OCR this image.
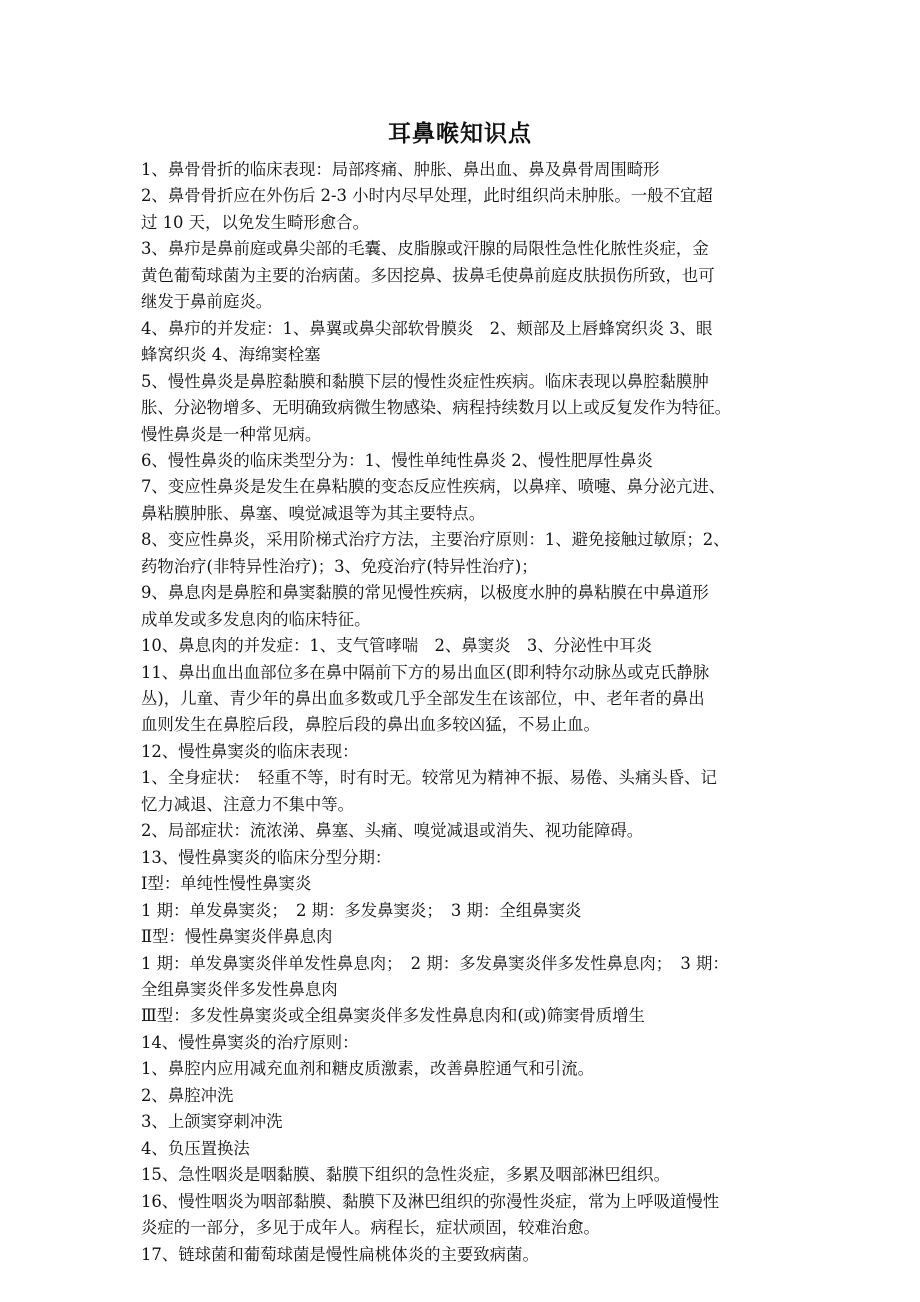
耳鼻喉知识点
1、鼻骨骨折的临床表现：局部疼痛、肿胀、鼻出血、鼻及鼻骨周围畸形
2、鼻骨骨折应在外伤后 2-3 小时内尽早处理，此时组织尚未肿胀。一般不宜超
过 10 天，以免发生畸形愈合。
3、鼻疖是鼻前庭或鼻尖部的毛囊、皮脂腺或汗腺的局限性急性化脓性炎症，金
黄色葡萄球菌为主要的治病菌。多因挖鼻、拔鼻毛使鼻前庭皮肤损伤所致，也可
继发于鼻前庭炎。
4、鼻疖的并发症：1、鼻翼或鼻尖部软骨膜炎　2、颊部及上唇蜂窝织炎 3、眼
蜂窝织炎 4、海绵窦栓塞
5、慢性鼻炎是鼻腔黏膜和黏膜下层的慢性炎症性疾病。临床表现以鼻腔黏膜肿
胀、分泌物增多、无明确致病微生物感染、病程持续数月以上或反复发作为特征。
慢性鼻炎是一种常见病。
6、慢性鼻炎的临床类型分为：1、慢性单纯性鼻炎 2、慢性肥厚性鼻炎
7、变应性鼻炎是发生在鼻粘膜的变态反应性疾病，以鼻痒、喷嚏、鼻分泌亢进、
鼻粘膜肿胀、鼻塞、嗅觉减退等为其主要特点。
8、变应性鼻炎，采用阶梯式治疗方法，主要治疗原则：1、避免接触过敏原；2、
药物治疗(非特异性治疗)；3、免疫治疗(特异性治疗)；
9、鼻息肉是鼻腔和鼻窦黏膜的常见慢性疾病，以极度水肿的鼻粘膜在中鼻道形
成单发或多发息肉的临床特征。
10、鼻息肉的并发症：1、支气管哮喘　2、鼻窦炎　3、分泌性中耳炎
11、鼻出血出血部位多在鼻中隔前下方的易出血区(即利特尔动脉丛或克氏静脉
丛)，儿童、青少年的鼻出血多数或几乎全部发生在该部位，中、老年者的鼻出
血则发生在鼻腔后段，鼻腔后段的鼻出血多较凶猛，不易止血。
12、慢性鼻窦炎的临床表现：
1、全身症状：　轻重不等，时有时无。较常见为精神不振、易倦、头痛头昏、记
忆力减退、注意力不集中等。
2、局部症状：流浓涕、鼻塞、头痛、嗅觉减退或消失、视功能障碍。
13、慢性鼻窦炎的临床分型分期：
Ⅰ型：单纯性慢性鼻窦炎
1 期：单发鼻窦炎；　2 期：多发鼻窦炎；　3 期：全组鼻窦炎
Ⅱ型：慢性鼻窦炎伴鼻息肉
1 期：单发鼻窦炎伴单发性鼻息肉；　2 期：多发鼻窦炎伴多发性鼻息肉；　3 期：
全组鼻窦炎伴多发性鼻息肉
Ⅲ型：多发性鼻窦炎或全组鼻窦炎伴多发性鼻息肉和(或)筛窦骨质增生
14、慢性鼻窦炎的治疗原则：
1、鼻腔内应用减充血剂和糖皮质激素，改善鼻腔通气和引流。
2、鼻腔冲洗
3、上颌窦穿刺冲洗
4、负压置换法
15、急性咽炎是咽黏膜、黏膜下组织的急性炎症，多累及咽部淋巴组织。
16、慢性咽炎为咽部黏膜、黏膜下及淋巴组织的弥漫性炎症，常为上呼吸道慢性
炎症的一部分，多见于成年人。病程长，症状顽固，较难治愈。
17、链球菌和葡萄球菌是慢性扁桃体炎的主要致病菌。
